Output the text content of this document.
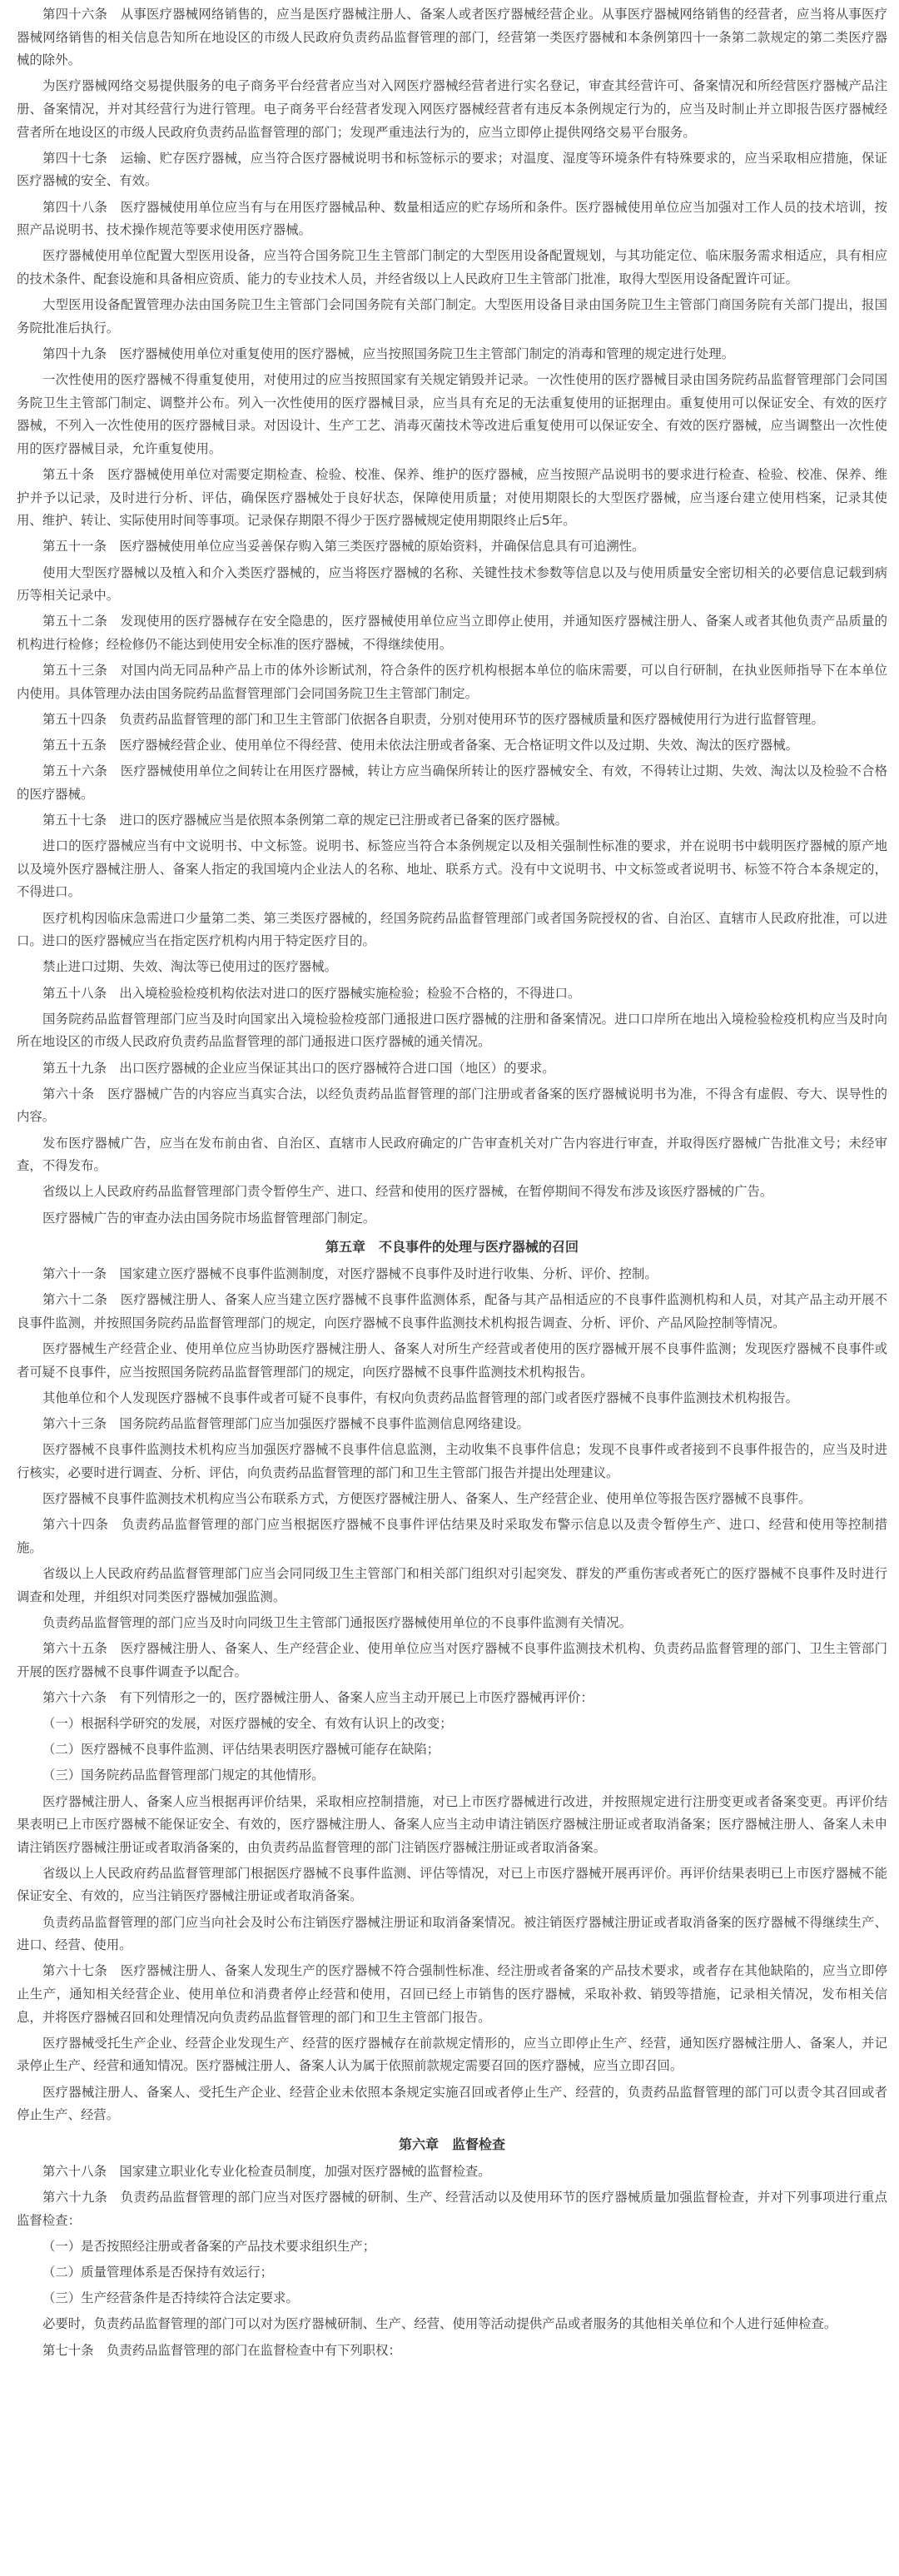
第四十六条　从事医疗器械网络销售的，应当是医疗器械注册人、备案人或者医疗器械经营企业。从事医疗器械网络销售的经营者，应当将从事医疗器械网络销售的相关信息告知所在地设区的市级人民政府负责药品监督管理的部门，经营第一类医疗器械和本条例第四十一条第二款规定的第二类医疗器械的除外。

为医疗器械网络交易提供服务的电子商务平台经营者应当对入网医疗器械经营者进行实名登记，审查其经营许可、备案情况和所经营医疗器械产品注册、备案情况，并对其经营行为进行管理。电子商务平台经营者发现入网医疗器械经营者有违反本条例规定行为的，应当及时制止并立即报告医疗器械经营者所在地设区的市级人民政府负责药品监督管理的部门；发现严重违法行为的，应当立即停止提供网络交易平台服务。

第四十七条　运输、贮存医疗器械，应当符合医疗器械说明书和标签标示的要求；对温度、湿度等环境条件有特殊要求的，应当采取相应措施，保证医疗器械的安全、有效。

第四十八条　医疗器械使用单位应当有与在用医疗器械品种、数量相适应的贮存场所和条件。医疗器械使用单位应当加强对工作人员的技术培训，按照产品说明书、技术操作规范等要求使用医疗器械。

医疗器械使用单位配置大型医用设备，应当符合国务院卫生主管部门制定的大型医用设备配置规划，与其功能定位、临床服务需求相适应，具有相应的技术条件、配套设施和具备相应资质、能力的专业技术人员，并经省级以上人民政府卫生主管部门批准，取得大型医用设备配置许可证。

大型医用设备配置管理办法由国务院卫生主管部门会同国务院有关部门制定。大型医用设备目录由国务院卫生主管部门商国务院有关部门提出，报国务院批准后执行。

第四十九条　医疗器械使用单位对重复使用的医疗器械，应当按照国务院卫生主管部门制定的消毒和管理的规定进行处理。

一次性使用的医疗器械不得重复使用，对使用过的应当按照国家有关规定销毁并记录。一次性使用的医疗器械目录由国务院药品监督管理部门会同国务院卫生主管部门制定、调整并公布。列入一次性使用的医疗器械目录，应当具有充足的无法重复使用的证据理由。重复使用可以保证安全、有效的医疗器械，不列入一次性使用的医疗器械目录。对因设计、生产工艺、消毒灭菌技术等改进后重复使用可以保证安全、有效的医疗器械，应当调整出一次性使用的医疗器械目录，允许重复使用。

第五十条　医疗器械使用单位对需要定期检查、检验、校准、保养、维护的医疗器械，应当按照产品说明书的要求进行检查、检验、校准、保养、维护并予以记录，及时进行分析、评估，确保医疗器械处于良好状态，保障使用质量；对使用期限长的大型医疗器械，应当逐台建立使用档案，记录其使用、维护、转让、实际使用时间等事项。记录保存期限不得少于医疗器械规定使用期限终止后5年。

第五十一条　医疗器械使用单位应当妥善保存购入第三类医疗器械的原始资料，并确保信息具有可追溯性。

使用大型医疗器械以及植入和介入类医疗器械的，应当将医疗器械的名称、关键性技术参数等信息以及与使用质量安全密切相关的必要信息记载到病历等相关记录中。

第五十二条　发现使用的医疗器械存在安全隐患的，医疗器械使用单位应当立即停止使用，并通知医疗器械注册人、备案人或者其他负责产品质量的机构进行检修；经检修仍不能达到使用安全标准的医疗器械，不得继续使用。

第五十三条　对国内尚无同品种产品上市的体外诊断试剂，符合条件的医疗机构根据本单位的临床需要，可以自行研制，在执业医师指导下在本单位内使用。具体管理办法由国务院药品监督管理部门会同国务院卫生主管部门制定。

第五十四条　负责药品监督管理的部门和卫生主管部门依据各自职责，分别对使用环节的医疗器械质量和医疗器械使用行为进行监督管理。

第五十五条　医疗器械经营企业、使用单位不得经营、使用未依法注册或者备案、无合格证明文件以及过期、失效、淘汰的医疗器械。

第五十六条　医疗器械使用单位之间转让在用医疗器械，转让方应当确保所转让的医疗器械安全、有效，不得转让过期、失效、淘汰以及检验不合格的医疗器械。

第五十七条　进口的医疗器械应当是依照本条例第二章的规定已注册或者已备案的医疗器械。

进口的医疗器械应当有中文说明书、中文标签。说明书、标签应当符合本条例规定以及相关强制性标准的要求，并在说明书中载明医疗器械的原产地以及境外医疗器械注册人、备案人指定的我国境内企业法人的名称、地址、联系方式。没有中文说明书、中文标签或者说明书、标签不符合本条规定的，不得进口。

医疗机构因临床急需进口少量第二类、第三类医疗器械的，经国务院药品监督管理部门或者国务院授权的省、自治区、直辖市人民政府批准，可以进口。进口的医疗器械应当在指定医疗机构内用于特定医疗目的。

禁止进口过期、失效、淘汰等已使用过的医疗器械。

第五十八条　出入境检验检疫机构依法对进口的医疗器械实施检验；检验不合格的，不得进口。

国务院药品监督管理部门应当及时向国家出入境检验检疫部门通报进口医疗器械的注册和备案情况。进口口岸所在地出入境检验检疫机构应当及时向所在地设区的市级人民政府负责药品监督管理的部门通报进口医疗器械的通关情况。

第五十九条　出口医疗器械的企业应当保证其出口的医疗器械符合进口国（地区）的要求。

第六十条　医疗器械广告的内容应当真实合法，以经负责药品监督管理的部门注册或者备案的医疗器械说明书为准，不得含有虚假、夸大、误导性的内容。

发布医疗器械广告，应当在发布前由省、自治区、直辖市人民政府确定的广告审查机关对广告内容进行审查，并取得医疗器械广告批准文号；未经审查，不得发布。

省级以上人民政府药品监督管理部门责令暂停生产、进口、经营和使用的医疗器械，在暂停期间不得发布涉及该医疗器械的广告。

医疗器械广告的审查办法由国务院市场监督管理部门制定。

第五章　不良事件的处理与医疗器械的召回

第六十一条　国家建立医疗器械不良事件监测制度，对医疗器械不良事件及时进行收集、分析、评价、控制。

第六十二条　医疗器械注册人、备案人应当建立医疗器械不良事件监测体系，配备与其产品相适应的不良事件监测机构和人员，对其产品主动开展不良事件监测，并按照国务院药品监督管理部门的规定，向医疗器械不良事件监测技术机构报告调查、分析、评价、产品风险控制等情况。

医疗器械生产经营企业、使用单位应当协助医疗器械注册人、备案人对所生产经营或者使用的医疗器械开展不良事件监测；发现医疗器械不良事件或者可疑不良事件，应当按照国务院药品监督管理部门的规定，向医疗器械不良事件监测技术机构报告。

其他单位和个人发现医疗器械不良事件或者可疑不良事件，有权向负责药品监督管理的部门或者医疗器械不良事件监测技术机构报告。

第六十三条　国务院药品监督管理部门应当加强医疗器械不良事件监测信息网络建设。

医疗器械不良事件监测技术机构应当加强医疗器械不良事件信息监测，主动收集不良事件信息；发现不良事件或者接到不良事件报告的，应当及时进行核实，必要时进行调查、分析、评估，向负责药品监督管理的部门和卫生主管部门报告并提出处理建议。

医疗器械不良事件监测技术机构应当公布联系方式，方便医疗器械注册人、备案人、生产经营企业、使用单位等报告医疗器械不良事件。

第六十四条　负责药品监督管理的部门应当根据医疗器械不良事件评估结果及时采取发布警示信息以及责令暂停生产、进口、经营和使用等控制措施。

省级以上人民政府药品监督管理部门应当会同同级卫生主管部门和相关部门组织对引起突发、群发的严重伤害或者死亡的医疗器械不良事件及时进行调查和处理，并组织对同类医疗器械加强监测。

负责药品监督管理的部门应当及时向同级卫生主管部门通报医疗器械使用单位的不良事件监测有关情况。

第六十五条　医疗器械注册人、备案人、生产经营企业、使用单位应当对医疗器械不良事件监测技术机构、负责药品监督管理的部门、卫生主管部门开展的医疗器械不良事件调查予以配合。

第六十六条　有下列情形之一的，医疗器械注册人、备案人应当主动开展已上市医疗器械再评价：

（一）根据科学研究的发展，对医疗器械的安全、有效有认识上的改变；

（二）医疗器械不良事件监测、评估结果表明医疗器械可能存在缺陷；

（三）国务院药品监督管理部门规定的其他情形。

医疗器械注册人、备案人应当根据再评价结果，采取相应控制措施，对已上市医疗器械进行改进，并按照规定进行注册变更或者备案变更。再评价结果表明已上市医疗器械不能保证安全、有效的，医疗器械注册人、备案人应当主动申请注销医疗器械注册证或者取消备案；医疗器械注册人、备案人未申请注销医疗器械注册证或者取消备案的，由负责药品监督管理的部门注销医疗器械注册证或者取消备案。

省级以上人民政府药品监督管理部门根据医疗器械不良事件监测、评估等情况，对已上市医疗器械开展再评价。再评价结果表明已上市医疗器械不能保证安全、有效的，应当注销医疗器械注册证或者取消备案。

负责药品监督管理的部门应当向社会及时公布注销医疗器械注册证和取消备案情况。被注销医疗器械注册证或者取消备案的医疗器械不得继续生产、进口、经营、使用。

第六十七条　医疗器械注册人、备案人发现生产的医疗器械不符合强制性标准、经注册或者备案的产品技术要求，或者存在其他缺陷的，应当立即停止生产，通知相关经营企业、使用单位和消费者停止经营和使用，召回已经上市销售的医疗器械，采取补救、销毁等措施，记录相关情况，发布相关信息，并将医疗器械召回和处理情况向负责药品监督管理的部门和卫生主管部门报告。

医疗器械受托生产企业、经营企业发现生产、经营的医疗器械存在前款规定情形的，应当立即停止生产、经营，通知医疗器械注册人、备案人，并记录停止生产、经营和通知情况。医疗器械注册人、备案人认为属于依照前款规定需要召回的医疗器械，应当立即召回。

医疗器械注册人、备案人、受托生产企业、经营企业未依照本条规定实施召回或者停止生产、经营的，负责药品监督管理的部门可以责令其召回或者停止生产、经营。

第六章　监督检查

第六十八条　国家建立职业化专业化检查员制度，加强对医疗器械的监督检查。

第六十九条　负责药品监督管理的部门应当对医疗器械的研制、生产、经营活动以及使用环节的医疗器械质量加强监督检查，并对下列事项进行重点监督检查：

（一）是否按照经注册或者备案的产品技术要求组织生产；

（二）质量管理体系是否保持有效运行；

（三）生产经营条件是否持续符合法定要求。

必要时，负责药品监督管理的部门可以对为医疗器械研制、生产、经营、使用等活动提供产品或者服务的其他相关单位和个人进行延伸检查。

第七十条　负责药品监督管理的部门在监督检查中有下列职权：
